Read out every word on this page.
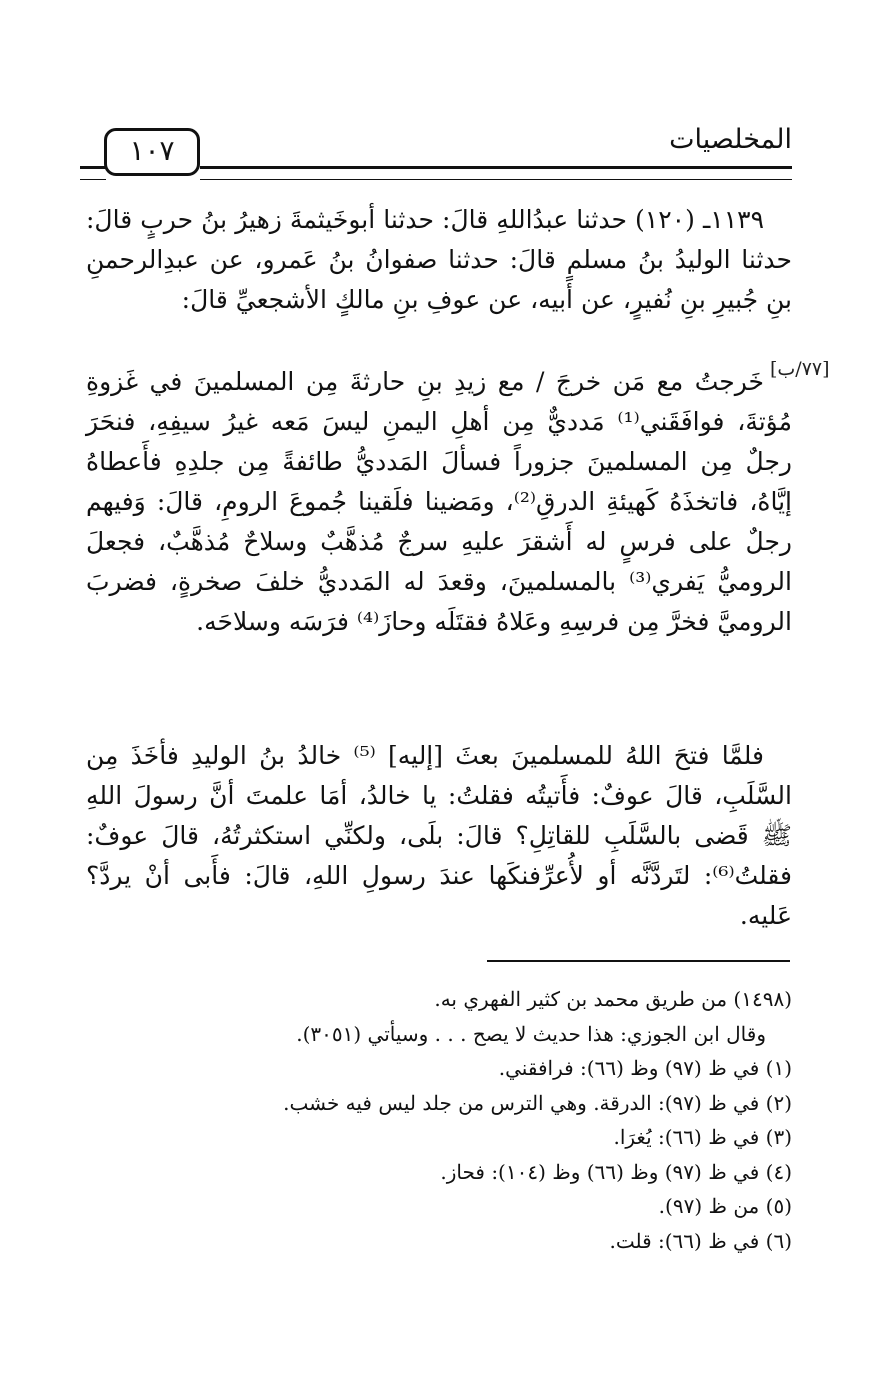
المخلصيات
١٠٧
[٧٧/ب]

١١٣٩ـ (١٢٠) حدثنا عبدُاللهِ قالَ: حدثنا أبوخَيثمةَ زهيرُ بنُ حربٍ قالَ: حدثنا الوليدُ بنُ مسلمٍ قالَ: حدثنا صفوانُ بنُ عَمرو، عن عبدِالرحمنِ بنِ جُبيرِ بنِ نُفيرٍ، عن أبيه، عن عوفِ بنِ مالكٍ الأشجعيِّ قالَ:

خَرجتُ مع مَن خرجَ / مع زيدِ بنِ حارثةَ مِن المسلمينَ في غَزوةِ مُؤتةَ، فوافَقَني⁽¹⁾ مَدديٌّ مِن أهلِ اليمنِ ليسَ مَعه غيرُ سيفِهِ، فنحَرَ رجلٌ مِن المسلمينَ جزوراً فسألَ المَدديُّ طائفةً مِن جلدِهِ فأَعطاهُ إيَّاهُ، فاتخذَهُ كَهيئةِ الدرقِ⁽²⁾، ومَضينا فلَقينا جُموعَ الرومِ، قالَ: وَفيهم رجلٌ على فرسٍ له أَشقرَ عليهِ سرجٌ مُذهَّبٌ وسلاحٌ مُذهَّبٌ، فجعلَ الروميُّ يَفري⁽³⁾ بالمسلمينَ، وقعدَ له المَدديُّ خلفَ صخرةٍ، فضربَ الروميَّ فخرَّ مِن فرسِهِ وعَلاهُ فقتَلَه وحازَ⁽⁴⁾ فرَسَه وسلاحَه.

فلمَّا فتحَ اللهُ للمسلمينَ بعثَ [إليه] ⁽⁵⁾ خالدُ بنُ الوليدِ فأخَذَ مِن السَّلَبِ، قالَ عوفٌ: فأَتيتُه فقلتُ: يا خالدُ، أمَا علمتَ أنَّ رسولَ اللهِ ﷺ قَضى بالسَّلَبِ للقاتِلِ؟ قالَ: بلَى، ولكنِّي استكثرتُهُ، قالَ عوفٌ: فقلتُ⁽⁶⁾: لتَردَّنَّه أو لأُعرِّفنكَها عندَ رسولِ اللهِ، قالَ: فأَبى أنْ يردَّ؟ عَليه.

(١٤٩٨) من طريق محمد بن كثير الفهري به.

وقال ابن الجوزي: هذا حديث لا يصح . . . وسيأتي (٣٠٥١).

(١) في ظ (٩٧) وظ (٦٦): فرافقني.

(٢) في ظ (٩٧): الدرقة. وهي الترس من جلد ليس فيه خشب.

(٣) في ظ (٦٦): يُغرَا.

(٤) في ظ (٩٧) وظ (٦٦) وظ (١٠٤): فحاز.

(٥) من ظ (٩٧).

(٦) في ظ (٦٦): قلت.
